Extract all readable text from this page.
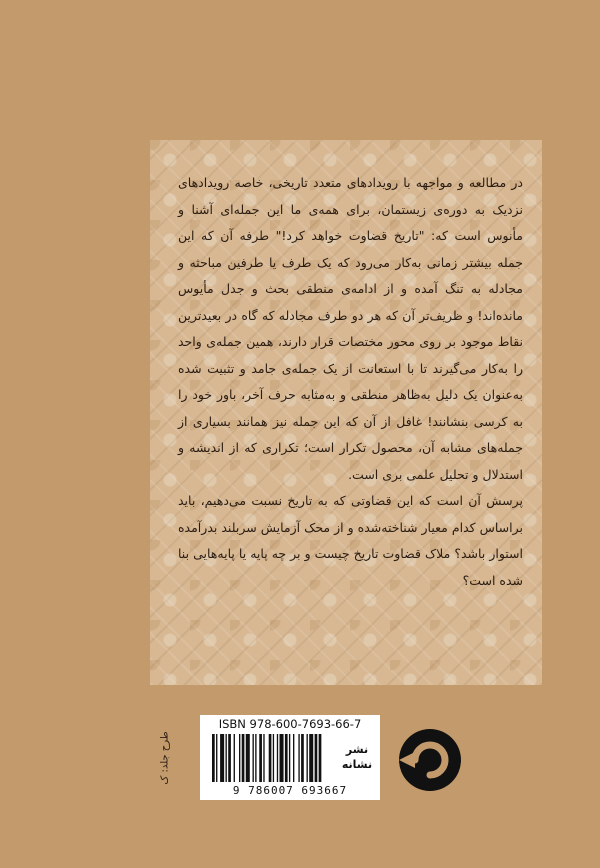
در مطالعه و مواجهه با رویدادهای متعدد تاریخی، خاصه رویدادهای نزدیک به دوره‌ی زیستمان، برای همه‌ی ما این جمله‌ای آشنا و مأنوس است که: "تاریخ قضاوت خواهد کرد!" طرفه آن که این جمله بیشتر زمانی به‌کار می‌رود که یک طرف یا طرفین مباحثه و مجادله به تنگ آمده و از ادامه‌ی منطقی بحث و جدل مأیوس مانده‌اند! و ظریف‌تر آن که هر دو طرف مجادله که گاه در بعیدترین نقاط موجود بر روی محور مختصات قرار دارند، همین جمله‌ی واحد را به‌کار می‌گیرند تا با استعانت از یک جمله‌ی جامد و تثبیت شده به‌عنوان یک دلیل به‌ظاهر منطقی و به‌مثابه حرف آخر، باور خود را به کرسی بنشانند! غافل از آن که این جمله نیز همانند بسیاری از جمله‌های مشابه آن، محصول تکرار است؛ تکراری که از اندیشه و استدلال و تحلیل علمی بری است.

پرسش آن است که این قضاوتی که به تاریخ نسبت می‌دهیم، باید براساس کدام معیار شناخته‌شده و از محک آزمایش سربلند بدرآمده استوار باشد؟ ملاک قضاوت تاریخ چیست و بر چه پایه یا پایه‌هایی بنا شده است؟

طرح جلد: ک
ISBN 978-600-7693-66-7
9 786007 693667
نشر
نشانه
